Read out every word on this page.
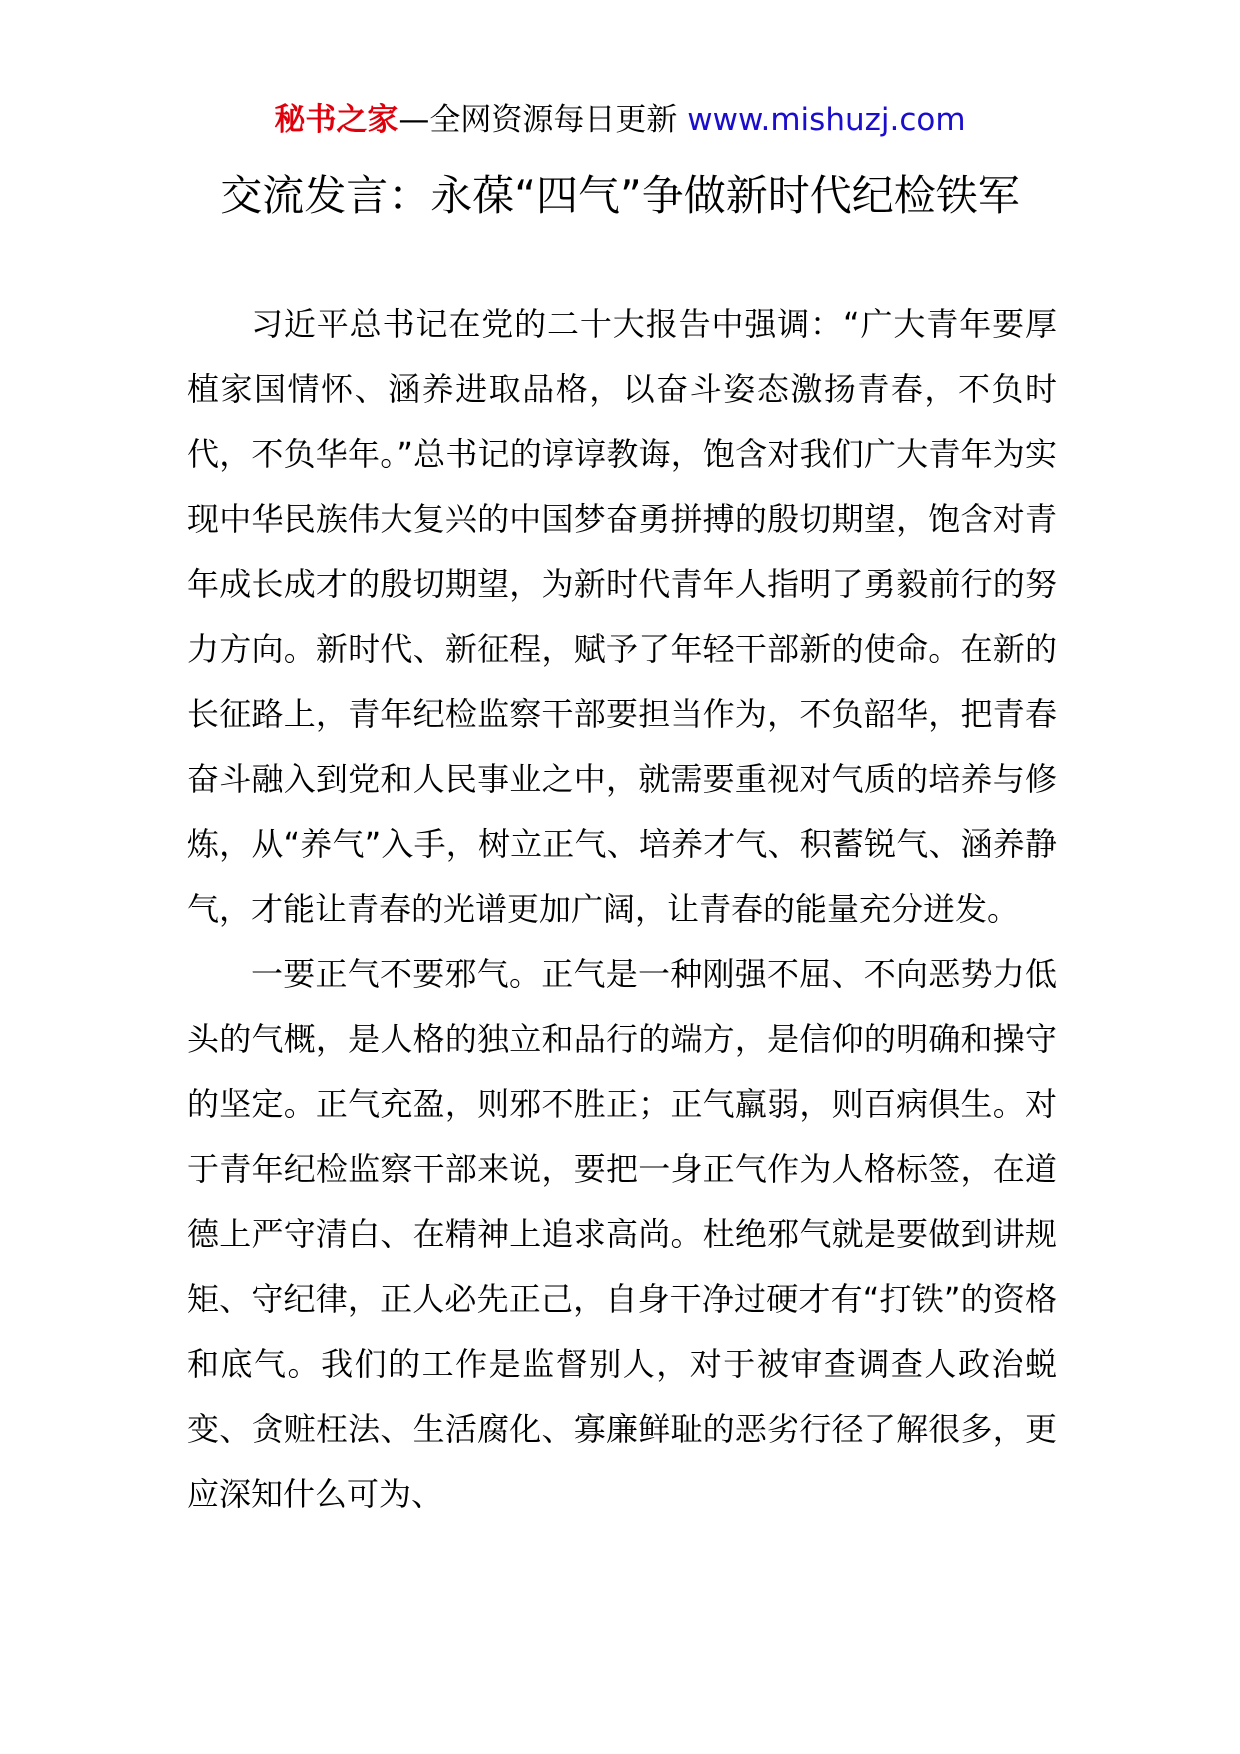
秘书之家—全网资源每日更新 www.mishuzj.com
交流发言：永葆“四气”争做新时代纪检铁军

习近平总书记在党的二十大报告中强调：“广大青年要厚植家国情怀、涵养进取品格，以奋斗姿态激扬青春，不负时代，不负华年。”总书记的谆谆教诲，饱含对我们广大青年为实现中华民族伟大复兴的中国梦奋勇拼搏的殷切期望，饱含对青年成长成才的殷切期望，为新时代青年人指明了勇毅前行的努力方向。新时代、新征程，赋予了年轻干部新的使命。在新的长征路上，青年纪检监察干部要担当作为，不负韶华，把青春奋斗融入到党和人民事业之中，就需要重视对气质的培养与修炼，从“养气”入手，树立正气、培养才气、积蓄锐气、涵养静气，才能让青春的光谱更加广阔，让青春的能量充分迸发。

一要正气不要邪气。正气是一种刚强不屈、不向恶势力低头的气概，是人格的独立和品行的端方，是信仰的明确和操守的坚定。正气充盈，则邪不胜正；正气羸弱，则百病俱生。对于青年纪检监察干部来说，要把一身正气作为人格标签，在道德上严守清白、在精神上追求高尚。杜绝邪气就是要做到讲规矩、守纪律，正人必先正己，自身干净过硬才有“打铁”的资格和底气。我们的工作是监督别人，对于被审查调查人政治蜕变、贪赃枉法、生活腐化、寡廉鲜耻的恶劣行径了解很多，更应深知什么可为、
